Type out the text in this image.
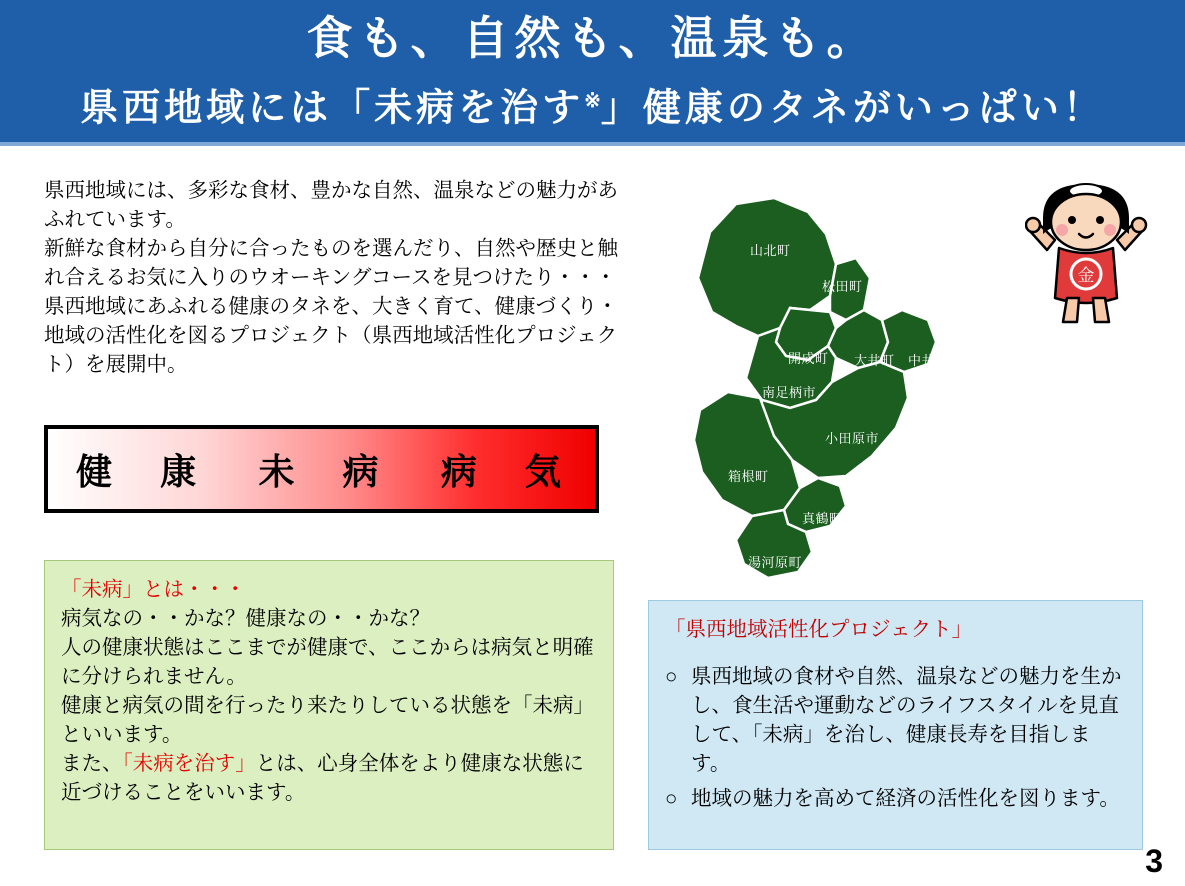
食も、自然も、温泉も。
県西地域には「未病を治す※」健康のタネがいっぱい！

県西地域には、多彩な食材、豊かな自然、温泉などの魅力があふれています。

新鮮な食材から自分に合ったものを選んだり、自然や歴史と触れ合えるお気に入りのウオーキングコースを見つけたり・・・

県西地域にあふれる健康のタネを、大きく育て、健康づくり・地域の活性化を図るプロジェクト（県西地域活性化プロジェクト）を展開中。

健　康 未　病 病　気

「未病」とは・・・

病気なの・・かな？健康なの・・かな？

人の健康状態はここまでが健康で、ここからは病気と明確に分けられません。

健康と病気の間を行ったり来たりしている状態を「未病」といいます。

また、「未病を治す」とは、心身全体をより健康な状態に近づけることをいいます。

山北町
松田町
開成町 大井町 中井町
南足柄市
小田原市
箱根町
真鶴町
湯河原町
金

「県西地域活性化プロジェクト」

○ 県西地域の食材や自然、温泉などの魅力を生かし、食生活や運動などのライフスタイルを見直して、「未病」を治し、健康長寿を目指します。
○ 地域の魅力を高めて経済の活性化を図ります。
3
